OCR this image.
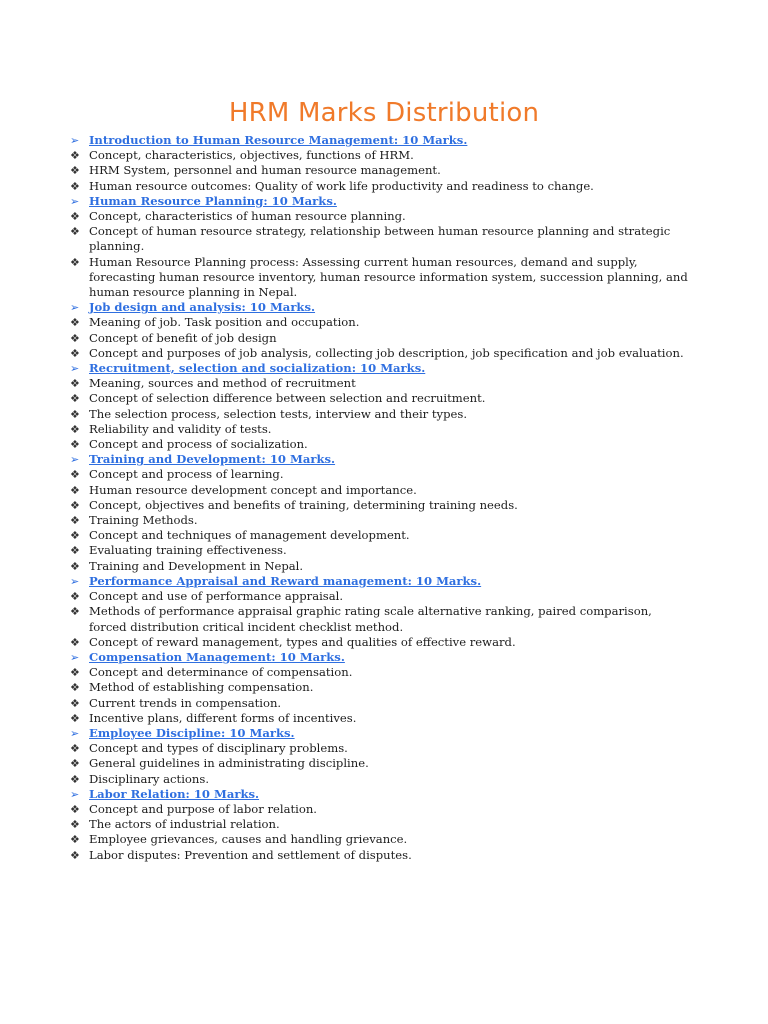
HRM Marks Distribution
➢ Introduction to Human Resource Management: 10 Marks.
❖ Concept, characteristics, objectives, functions of HRM.
❖ HRM System, personnel and human resource management.
❖ Human resource outcomes: Quality of work life productivity and readiness to change.
➢ Human Resource Planning: 10 Marks.
❖ Concept, characteristics of human resource planning.
❖ Concept of human resource strategy, relationship between human resource planning and strategic planning.
❖ Human Resource Planning process: Assessing current human resources, demand and supply, forecasting human resource inventory, human resource information system, succession planning, and human resource planning in Nepal.
➢ Job design and analysis: 10 Marks.
❖ Meaning of job. Task position and occupation.
❖ Concept of benefit of job design
❖ Concept and purposes of job analysis, collecting job description, job specification and job evaluation.
➢ Recruitment, selection and socialization: 10 Marks.
❖ Meaning, sources and method of recruitment
❖ Concept of selection difference between selection and recruitment.
❖ The selection process, selection tests, interview and their types.
❖ Reliability and validity of tests.
❖ Concept and process of socialization.
➢ Training and Development: 10 Marks.
❖ Concept and process of learning.
❖ Human resource development concept and importance.
❖ Concept, objectives and benefits of training, determining training needs.
❖ Training Methods.
❖ Concept and techniques of management development.
❖ Evaluating training effectiveness.
❖ Training and Development in Nepal.
➢ Performance Appraisal and Reward management: 10 Marks.
❖ Concept and use of performance appraisal.
❖ Methods of performance appraisal graphic rating scale alternative ranking, paired comparison, forced distribution critical incident checklist method.
❖ Concept of reward management, types and qualities of effective reward.
➢ Compensation Management: 10 Marks.
❖ Concept and determinance of compensation.
❖ Method of establishing compensation.
❖ Current trends in compensation.
❖ Incentive plans, different forms of incentives.
➢ Employee Discipline: 10 Marks.
❖ Concept and types of disciplinary problems.
❖ General guidelines in administrating discipline.
❖ Disciplinary actions.
➢ Labor Relation: 10 Marks.
❖ Concept and purpose of labor relation.
❖ The actors of industrial relation.
❖ Employee grievances, causes and handling grievance.
❖ Labor disputes: Prevention and settlement of disputes.
